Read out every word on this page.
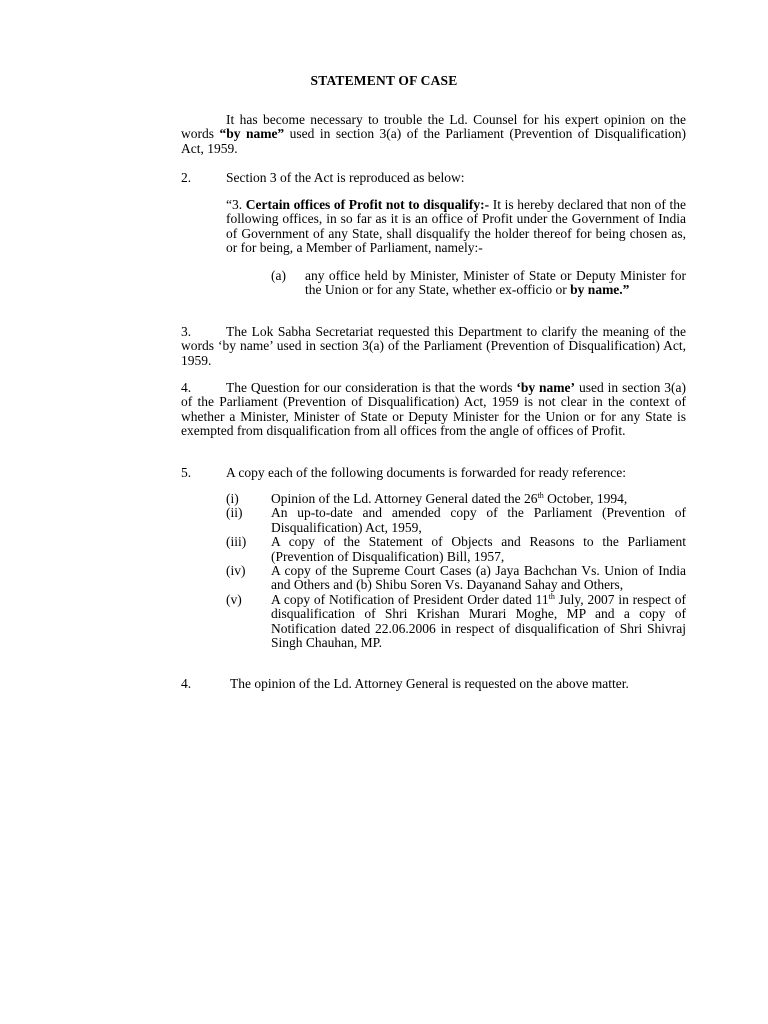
STATEMENT OF CASE

It has become necessary to trouble the Ld. Counsel for his expert opinion on the words “by name” used in section 3(a) of the Parliament (Prevention of Disqualification) Act, 1959.

2.	Section 3 of the Act is reproduced as below:

“3. Certain offices of Profit not to disqualify:- It is hereby declared that non of the following offices, in so far as it is an office of Profit under the Government of India of Government of any State, shall disqualify the holder thereof for being chosen as, or for being, a Member of Parliament, namely:-

(a) any office held by Minister, Minister of State or Deputy Minister for the Union or for any State, whether ex-officio or by name.”

3.	The Lok Sabha Secretariat requested this Department to clarify the meaning of the words ‘by name’ used in section 3(a) of the Parliament (Prevention of Disqualification) Act, 1959.

4.	The Question for our consideration is that the words ‘by name’ used in section 3(a) of the Parliament (Prevention of Disqualification) Act, 1959 is not clear in the context of whether a Minister, Minister of State or Deputy Minister for the Union or for any State is exempted from disqualification from all offices from the angle of offices of Profit.

5.	A copy each of the following documents is forwarded for ready reference:

(i) Opinion of the Ld. Attorney General dated the 26th October, 1994,
(ii) An up-to-date and amended copy of the Parliament (Prevention of Disqualification) Act, 1959,
(iii) A copy of the Statement of Objects and Reasons to the Parliament (Prevention of Disqualification) Bill, 1957,
(iv) A copy of the Supreme Court Cases (a) Jaya Bachchan Vs. Union of India and Others and (b) Shibu Soren Vs. Dayanand Sahay and Others,
(v) A copy of Notification of President Order dated 11th July, 2007 in respect of disqualification of Shri Krishan Murari Moghe, MP and a copy of Notification dated 22.06.2006 in respect of disqualification of Shri Shivraj Singh Chauhan, MP.

4.	The opinion of the Ld. Attorney General is requested on the above matter.
